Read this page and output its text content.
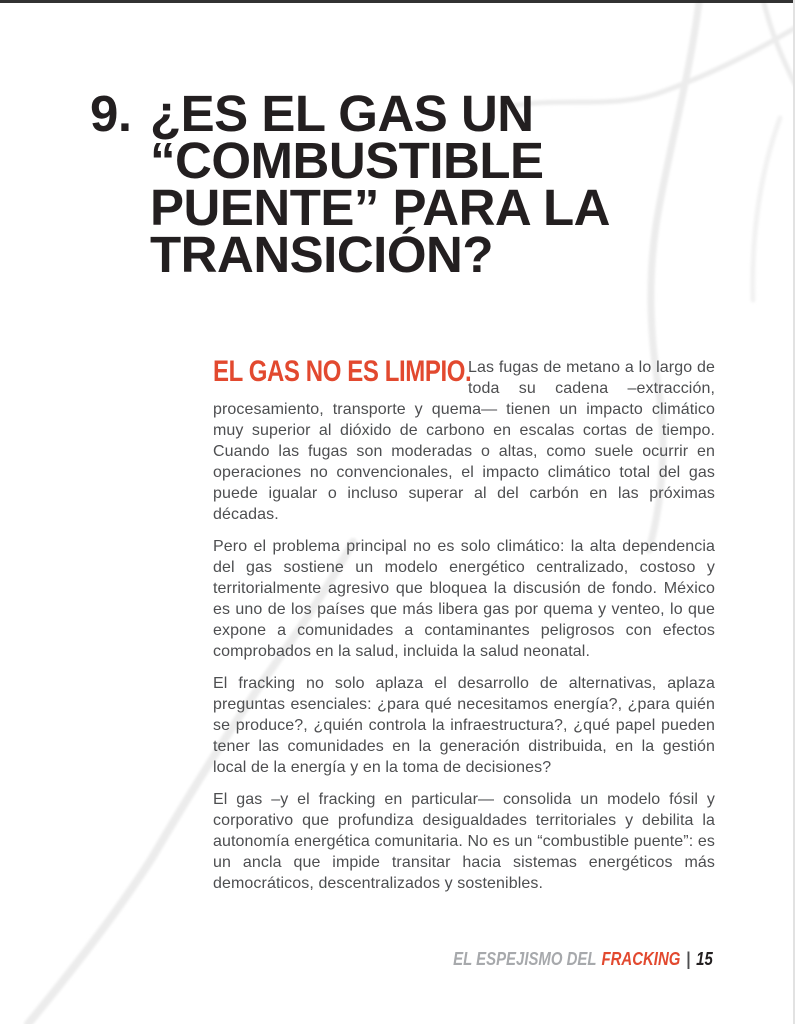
9. ¿ES EL GAS UN
“COMBUSTIBLE
PUENTE” PARA LA
TRANSICIÓN?

EL GAS NO ES LIMPIO.
Las fugas de metano a lo largo de toda su cadena –extracción, procesamiento, transporte y quema— tienen un impacto climático muy superior al dióxido de carbono en escalas cortas de tiempo. Cuando las fugas son moderadas o altas, como suele ocurrir en operaciones no convencionales, el impacto climático total del gas puede igualar o incluso superar al del carbón en las próximas décadas.

Pero el problema principal no es solo climático: la alta dependencia del gas sostiene un modelo energético centralizado, costoso y territorialmente agresivo que bloquea la discusión de fondo. México es uno de los países que más libera gas por quema y venteo, lo que expone a comunidades a contaminantes peligrosos con efectos comprobados en la salud, incluida la salud neonatal.

El fracking no solo aplaza el desarrollo de alternativas, aplaza preguntas esenciales: ¿para qué necesitamos energía?, ¿para quién se produce?, ¿quién controla la infraestructura?, ¿qué papel pueden tener las comunidades en la generación distribuida, en la gestión local de la energía y en la toma de decisiones?

El gas –y el fracking en particular— consolida un modelo fósil y corporativo que profundiza desigualdades territoriales y debilita la autonomía energética comunitaria. No es un “combustible puente”: es un ancla que impide transitar hacia sistemas energéticos más democráticos, descentralizados y sostenibles.

EL ESPEJISMO DEL FRACKING | 15
